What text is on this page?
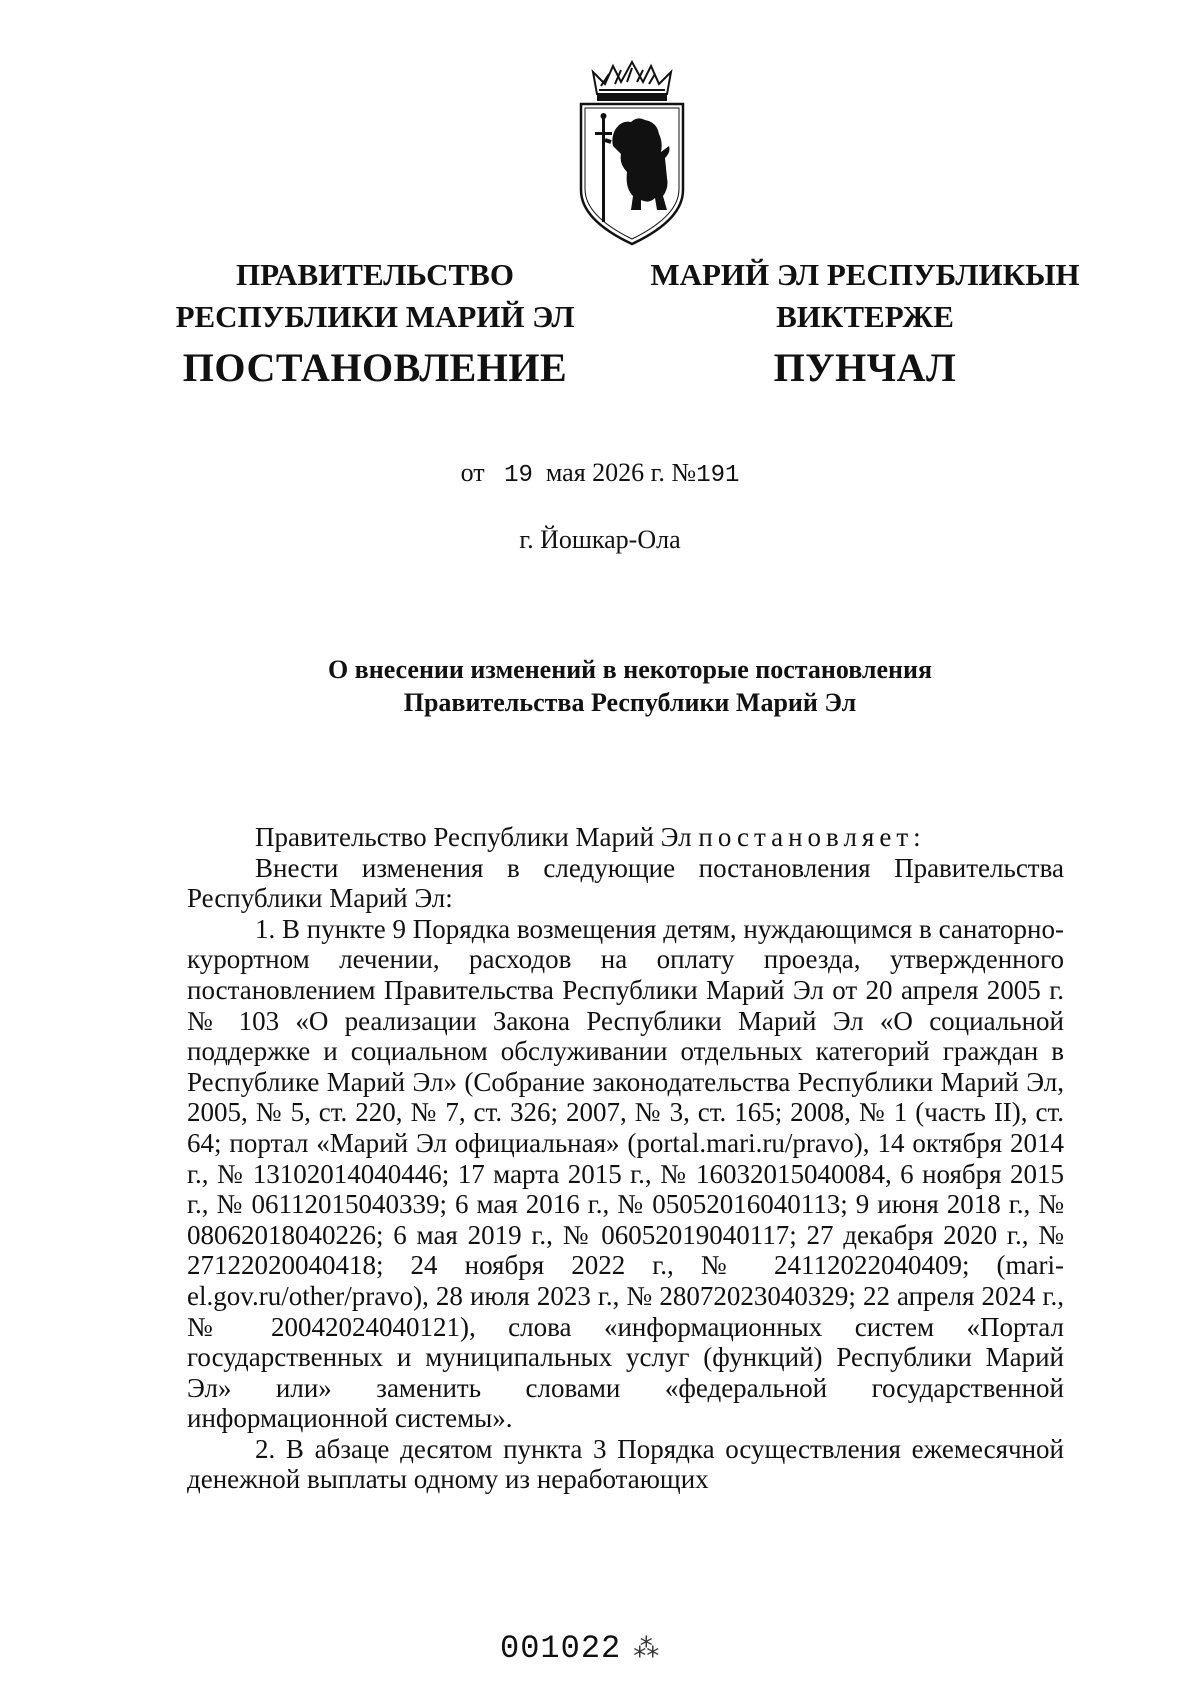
ПРАВИТЕЛЬСТВО
РЕСПУБЛИКИ МАРИЙ ЭЛ
ПОСТАНОВЛЕНИЕ
МАРИЙ ЭЛ РЕСПУБЛИКЫН
ВИКТЕРЖЕ
ПУНЧАЛ
от 19 мая 2026 г. №191
г. Йошкар-Ола
О внесении изменений в некоторые постановления
Правительства Республики Марий Эл

Правительство Республики Марий Эл постановляет:

Внести изменения в следующие постановления Правительства Республики Марий Эл:

1. В пункте 9 Порядка возмещения детям, нуждающимся в санаторно-курортном лечении, расходов на оплату проезда, утвержденного постановлением Правительства Республики Марий Эл от 20 апреля 2005 г. № 103 «О реализации Закона Республики Марий Эл «О социальной поддержке и социальном обслуживании отдельных категорий граждан в Республике Марий Эл» (Собрание законодательства Республики Марий Эл, 2005, № 5, ст. 220, № 7, ст. 326; 2007, № 3, ст. 165; 2008, № 1 (часть II), ст. 64; портал «Марий Эл официальная» (portal.mari.ru/pravo), 14 октября 2014 г., № 13102014040446; 17 марта 2015 г., № 16032015040084, 6 ноября 2015 г., № 06112015040339; 6 мая 2016 г., № 05052016040113; 9 июня 2018 г., № 08062018040226; 6 мая 2019 г., № 06052019040117; 27 декабря 2020 г., № 27122020040418; 24 ноября 2022 г., № 24112022040409; (mari-el.gov.ru/other/pravo), 28 июля 2023 г., № 28072023040329; 22 апреля 2024 г., № 20042024040121), слова «информационных систем «Портал государственных и муниципальных услуг (функций) Республики Марий Эл» или» заменить словами «федеральной государственной информационной системы».

2. В абзаце десятом пункта 3 Порядка осуществления ежемесячной денежной выплаты одному из неработающих

001022 ⁂
